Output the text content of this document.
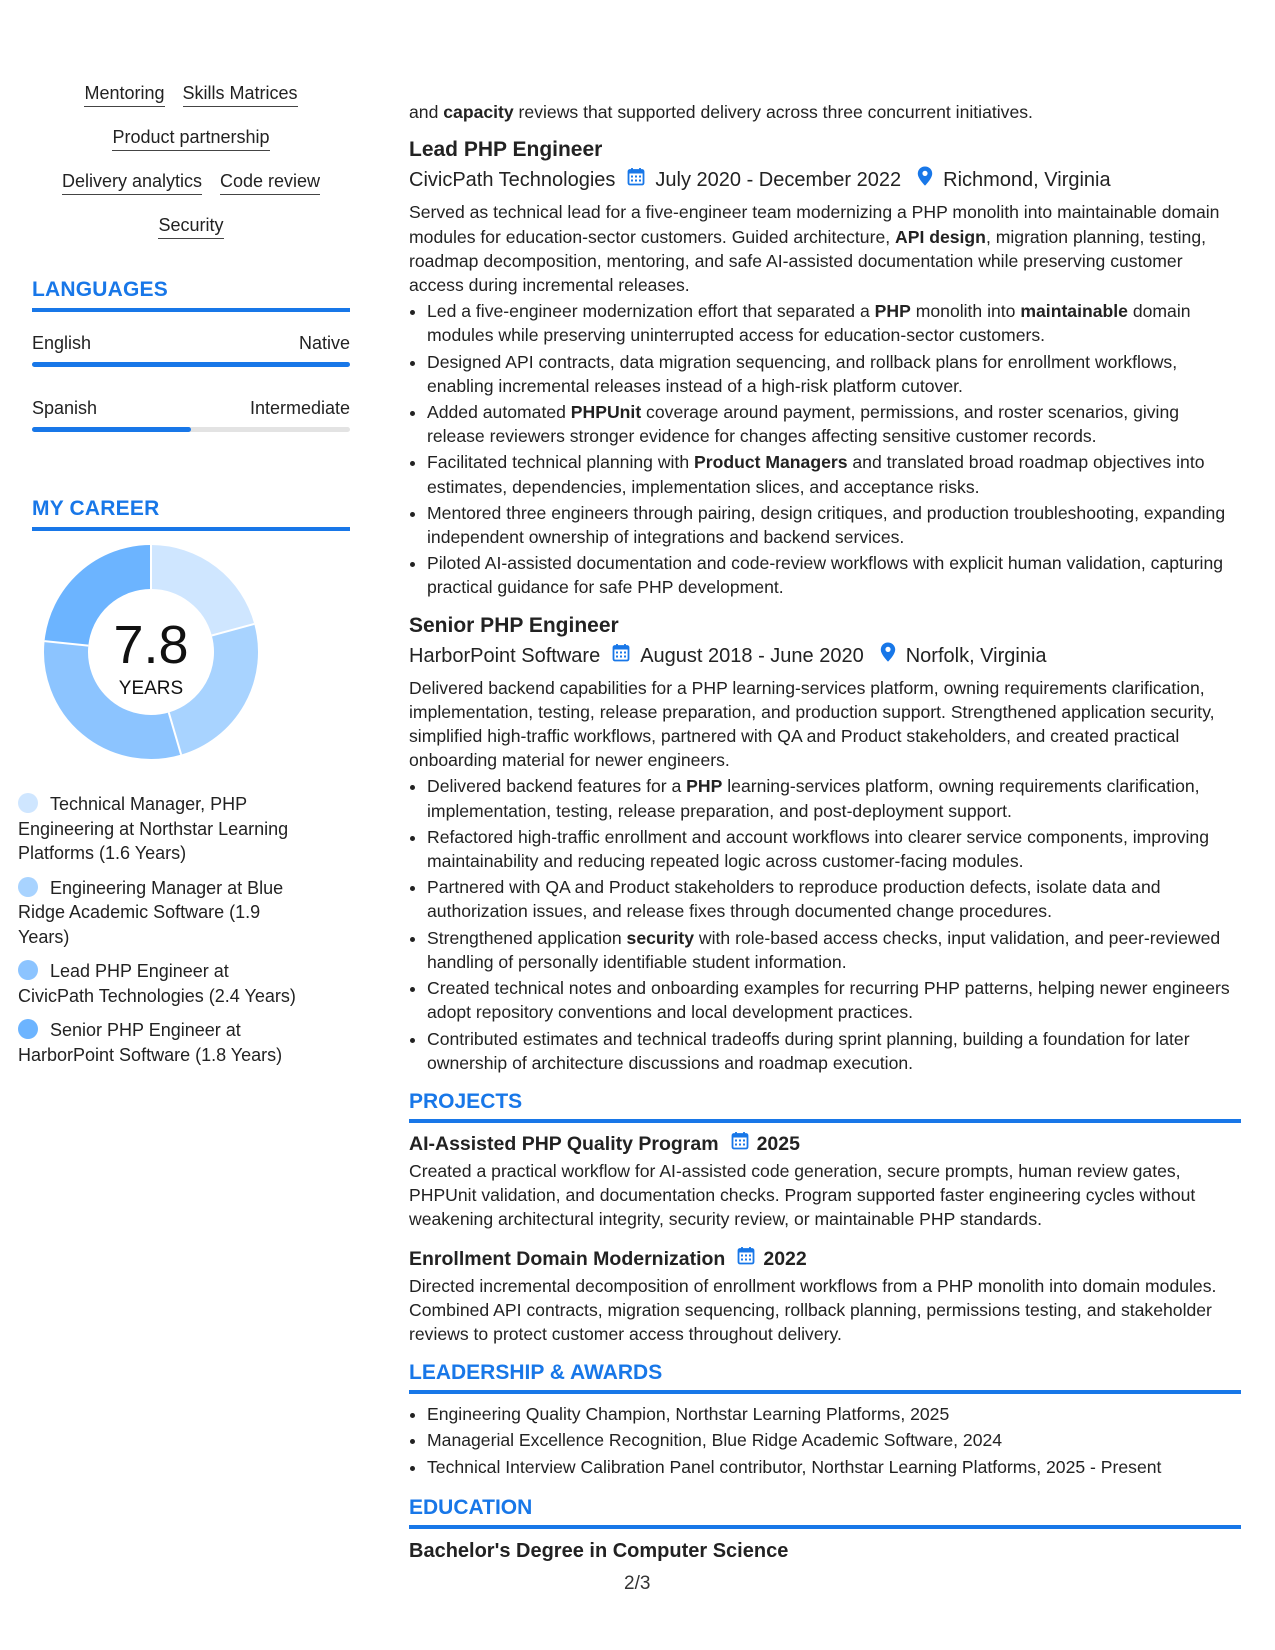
Mentoring Skills Matrices
Product partnership
Delivery analytics Code review
Security
LANGUAGES
English	Native
Spanish	Intermediate
MY CAREER
7.8
YEARS
Technical Manager, PHP Engineering at Northstar Learning Platforms (1.6 Years)
Engineering Manager at Blue Ridge Academic Software (1.9 Years)
Lead PHP Engineer at CivicPath Technologies (2.4 Years)
Senior PHP Engineer at HarborPoint Software (1.8 Years)
and capacity reviews that supported delivery across three concurrent initiatives.
Lead PHP Engineer
CivicPath Technologies July 2020 - December 2022 Richmond, Virginia

Served as technical lead for a five-engineer team modernizing a PHP monolith into maintainable domain modules for education-sector customers. Guided architecture, API design, migration planning, testing, roadmap decomposition, mentoring, and safe AI-assisted documentation while preserving customer access during incremental releases.

• Led a five-engineer modernization effort that separated a PHP monolith into maintainable domain modules while preserving uninterrupted access for education-sector customers.
• Designed API contracts, data migration sequencing, and rollback plans for enrollment workflows, enabling incremental releases instead of a high-risk platform cutover.
• Added automated PHPUnit coverage around payment, permissions, and roster scenarios, giving release reviewers stronger evidence for changes affecting sensitive customer records.
• Facilitated technical planning with Product Managers and translated broad roadmap objectives into estimates, dependencies, implementation slices, and acceptance risks.
• Mentored three engineers through pairing, design critiques, and production troubleshooting, expanding independent ownership of integrations and backend services.
• Piloted AI-assisted documentation and code-review workflows with explicit human validation, capturing practical guidance for safe PHP development.
Senior PHP Engineer
HarborPoint Software August 2018 - June 2020 Norfolk, Virginia

Delivered backend capabilities for a PHP learning-services platform, owning requirements clarification, implementation, testing, release preparation, and production support. Strengthened application security, simplified high-traffic workflows, partnered with QA and Product stakeholders, and created practical onboarding material for newer engineers.

• Delivered backend features for a PHP learning-services platform, owning requirements clarification, implementation, testing, release preparation, and post-deployment support.
• Refactored high-traffic enrollment and account workflows into clearer service components, improving maintainability and reducing repeated logic across customer-facing modules.
• Partnered with QA and Product stakeholders to reproduce production defects, isolate data and authorization issues, and release fixes through documented change procedures.
• Strengthened application security with role-based access checks, input validation, and peer-reviewed handling of personally identifiable student information.
• Created technical notes and onboarding examples for recurring PHP patterns, helping newer engineers adopt repository conventions and local development practices.
• Contributed estimates and technical tradeoffs during sprint planning, building a foundation for later ownership of architecture discussions and roadmap execution.
PROJECTS
AI-Assisted PHP Quality Program 2025
Created a practical workflow for AI-assisted code generation, secure prompts, human review gates, PHPUnit validation, and documentation checks. Program supported faster engineering cycles without weakening architectural integrity, security review, or maintainable PHP standards.
Enrollment Domain Modernization 2022
Directed incremental decomposition of enrollment workflows from a PHP monolith into domain modules. Combined API contracts, migration sequencing, rollback planning, permissions testing, and stakeholder reviews to protect customer access throughout delivery.
LEADERSHIP & AWARDS
• Engineering Quality Champion, Northstar Learning Platforms, 2025
• Managerial Excellence Recognition, Blue Ridge Academic Software, 2024
• Technical Interview Calibration Panel contributor, Northstar Learning Platforms, 2025 - Present
EDUCATION
Bachelor's Degree in Computer Science
2/3
